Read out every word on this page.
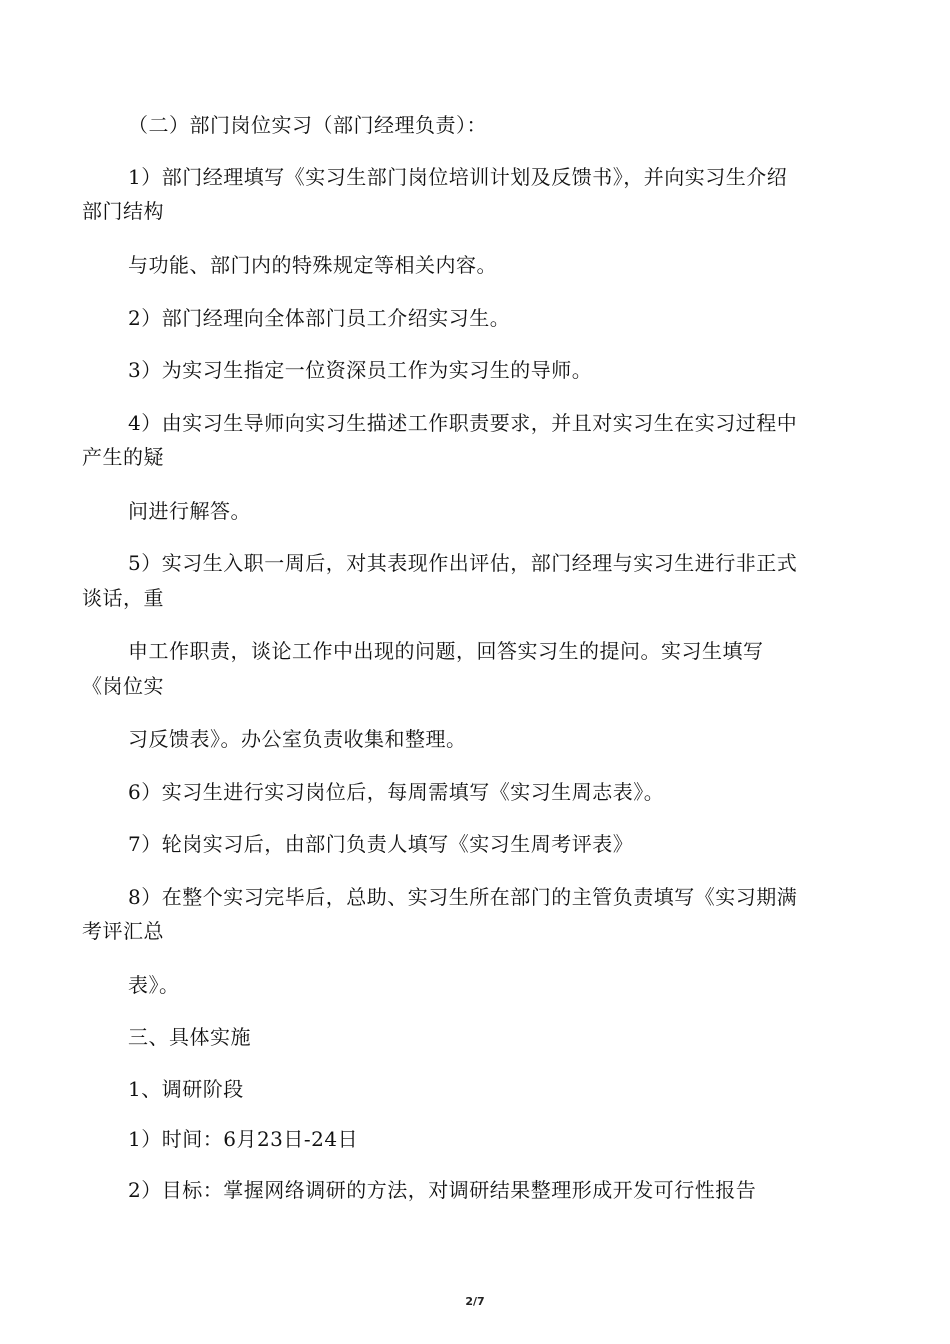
（二）部门岗位实习（部门经理负责）：
1）部门经理填写《实习生部门岗位培训计划及反馈书》，并向实习生介绍
部门结构
与功能、部门内的特殊规定等相关内容。
2）部门经理向全体部门员工介绍实习生。
3）为实习生指定一位资深员工作为实习生的导师。
4）由实习生导师向实习生描述工作职责要求，并且对实习生在实习过程中
产生的疑
问进行解答。
5）实习生入职一周后，对其表现作出评估，部门经理与实习生进行非正式
谈话，重
申工作职责，谈论工作中出现的问题，回答实习生的提问。实习生填写
《岗位实
习反馈表》。办公室负责收集和整理。
6）实习生进行实习岗位后，每周需填写《实习生周志表》。
7）轮岗实习后，由部门负责人填写《实习生周考评表》
8）在整个实习完毕后，总助、实习生所在部门的主管负责填写《实习期满
考评汇总
表》。
三、具体实施
1、调研阶段
1）时间：6月23日-24日
2）目标：掌握网络调研的方法，对调研结果整理形成开发可行性报告
2/7
